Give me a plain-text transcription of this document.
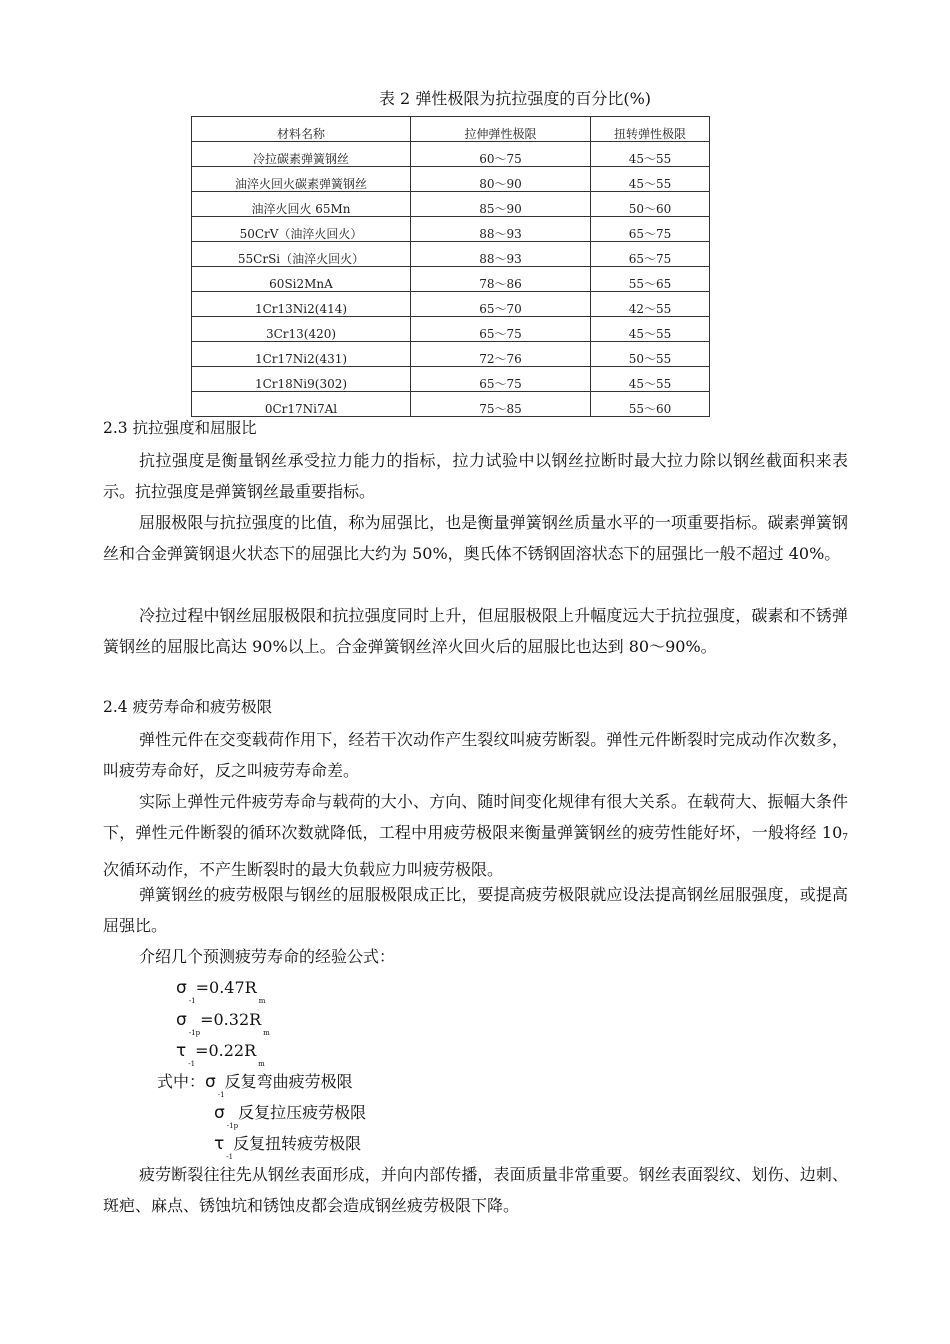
表 2 弹性极限为抗拉强度的百分比(%)
材料名称	拉伸弹性极限	扭转弹性极限
冷拉碳素弹簧钢丝	60～75	45～55
油淬火回火碳素弹簧钢丝	80～90	45～55
油淬火回火 65Mn	85～90	50～60
50CrV（油淬火回火）	88～93	65～75
55CrSi（油淬火回火）	88～93	65～75
60Si2MnA	78～86	55～65
1Cr13Ni2(414)	65～70	42～55
3Cr13(420)	65～75	45～55
1Cr17Ni2(431)	72～76	50～55
1Cr18Ni9(302)	65～75	45～55
0Cr17Ni7Al	75～85	55～60
2.3 抗拉强度和屈服比
抗拉强度是衡量钢丝承受拉力能力的指标，拉力试验中以钢丝拉断时最大拉力除以钢丝截面积来表示。抗拉强度是弹簧钢丝最重要指标。
屈服极限与抗拉强度的比值，称为屈强比，也是衡量弹簧钢丝质量水平的一项重要指标。碳素弹簧钢丝和合金弹簧钢退火状态下的屈强比大约为 50%，奥氏体不锈钢固溶状态下的屈强比一般不超过 40%。
冷拉过程中钢丝屈服极限和抗拉强度同时上升，但屈服极限上升幅度远大于抗拉强度，碳素和不锈弹簧钢丝的屈服比高达 90%以上。合金弹簧钢丝淬火回火后的屈服比也达到 80～90%。
2.4 疲劳寿命和疲劳极限
弹性元件在交变载荷作用下，经若干次动作产生裂纹叫疲劳断裂。弹性元件断裂时完成动作次数多，叫疲劳寿命好，反之叫疲劳寿命差。
实际上弹性元件疲劳寿命与载荷的大小、方向、随时间变化规律有很大关系。在载荷大、振幅大条件下，弹性元件断裂的循环次数就降低，工程中用疲劳极限来衡量弹簧钢丝的疲劳性能好坏，一般将经 107次循环动作，不产生断裂时的最大负载应力叫疲劳极限。
弹簧钢丝的疲劳极限与钢丝的屈服极限成正比，要提高疲劳极限就应设法提高钢丝屈服强度，或提高屈强比。
介绍几个预测疲劳寿命的经验公式：
$\sigma_{-1}=0.47R_m$
$\sigma_{-1p}=0.32R_m$
$\tau_{-1}=0.22R_m$
式中：$\sigma_{-1}$反复弯曲疲劳极限
$\sigma_{-1p}$反复拉压疲劳极限
$\tau_{-1}$反复扭转疲劳极限
疲劳断裂往往先从钢丝表面形成，并向内部传播，表面质量非常重要。钢丝表面裂纹、划伤、边刺、斑疤、麻点、锈蚀坑和锈蚀皮都会造成钢丝疲劳极限下降。
